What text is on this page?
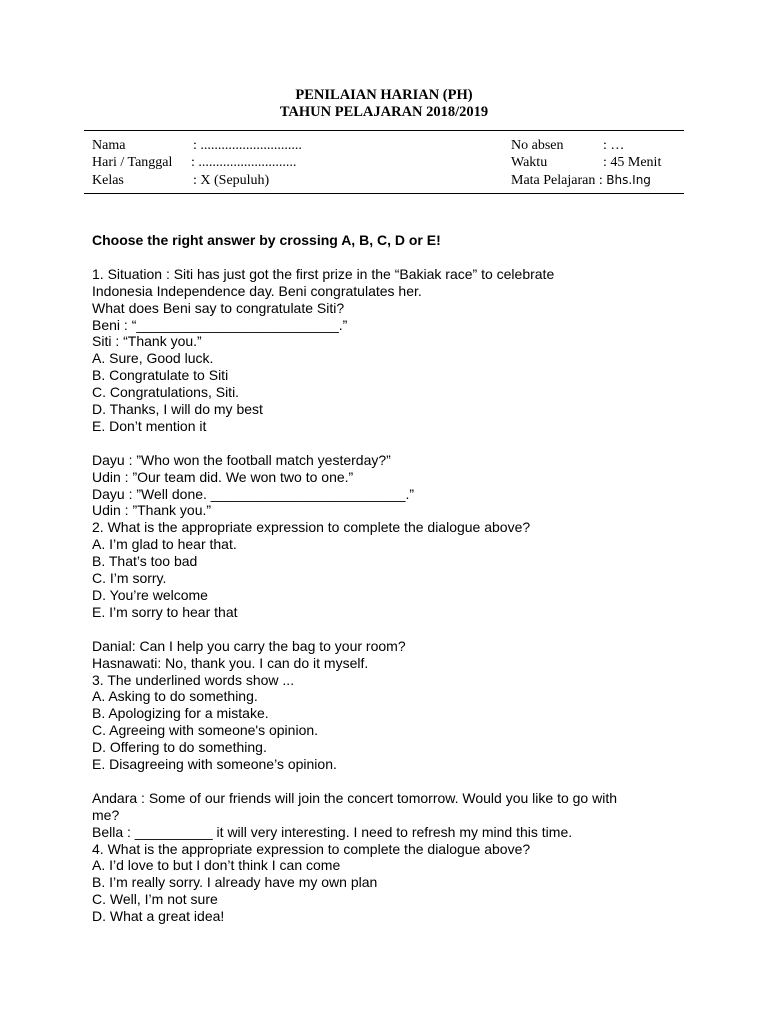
PENILAIAN HARIAN (PH)
TAHUN PELAJARAN 2018/2019
Nama	: .............................
Hari / Tanggal : ............................
Kelas	: X (Sepuluh)
No absen	: …
Waktu	: 45 Menit
Mata Pelajaran : Bhs.Ing

Choose the right answer by crossing A, B, C, D or E!

1. Situation : Siti has just got the first prize in the “Bakiak race” to celebrate

Indonesia Independence day. Beni congratulates her.

What does Beni say to congratulate Siti?

Beni : “__________________________.”

Siti : “Thank you.”

A. Sure, Good luck.

B. Congratulate to Siti

C. Congratulations, Siti.

D. Thanks, I will do my best

E. Don’t mention it

Dayu : ”Who won the football match yesterday?”

Udin : ”Our team did. We won two to one.”

Dayu : ”Well done. _________________________.”

Udin : ”Thank you.”

2. What is the appropriate expression to complete the dialogue above?

A. I’m glad to hear that.

B. That’s too bad

C. I’m sorry.

D. You’re welcome

E. I’m sorry to hear that

Danial: Can I help you carry the bag to your room?

Hasnawati: No, thank you. I can do it myself.

3. The underlined words show ...

A. Asking to do something.

B. Apologizing for a mistake.

C. Agreeing with someone's opinion.

D. Offering to do something.

E. Disagreeing with someone’s opinion.

Andara : Some of our friends will join the concert tomorrow. Would you like to go with

me?

Bella : __________ it will very interesting. I need to refresh my mind this time.

4. What is the appropriate expression to complete the dialogue above?

A. I’d love to but I don’t think I can come

B. I’m really sorry. I already have my own plan

C. Well, I’m not sure

D. What a great idea!
